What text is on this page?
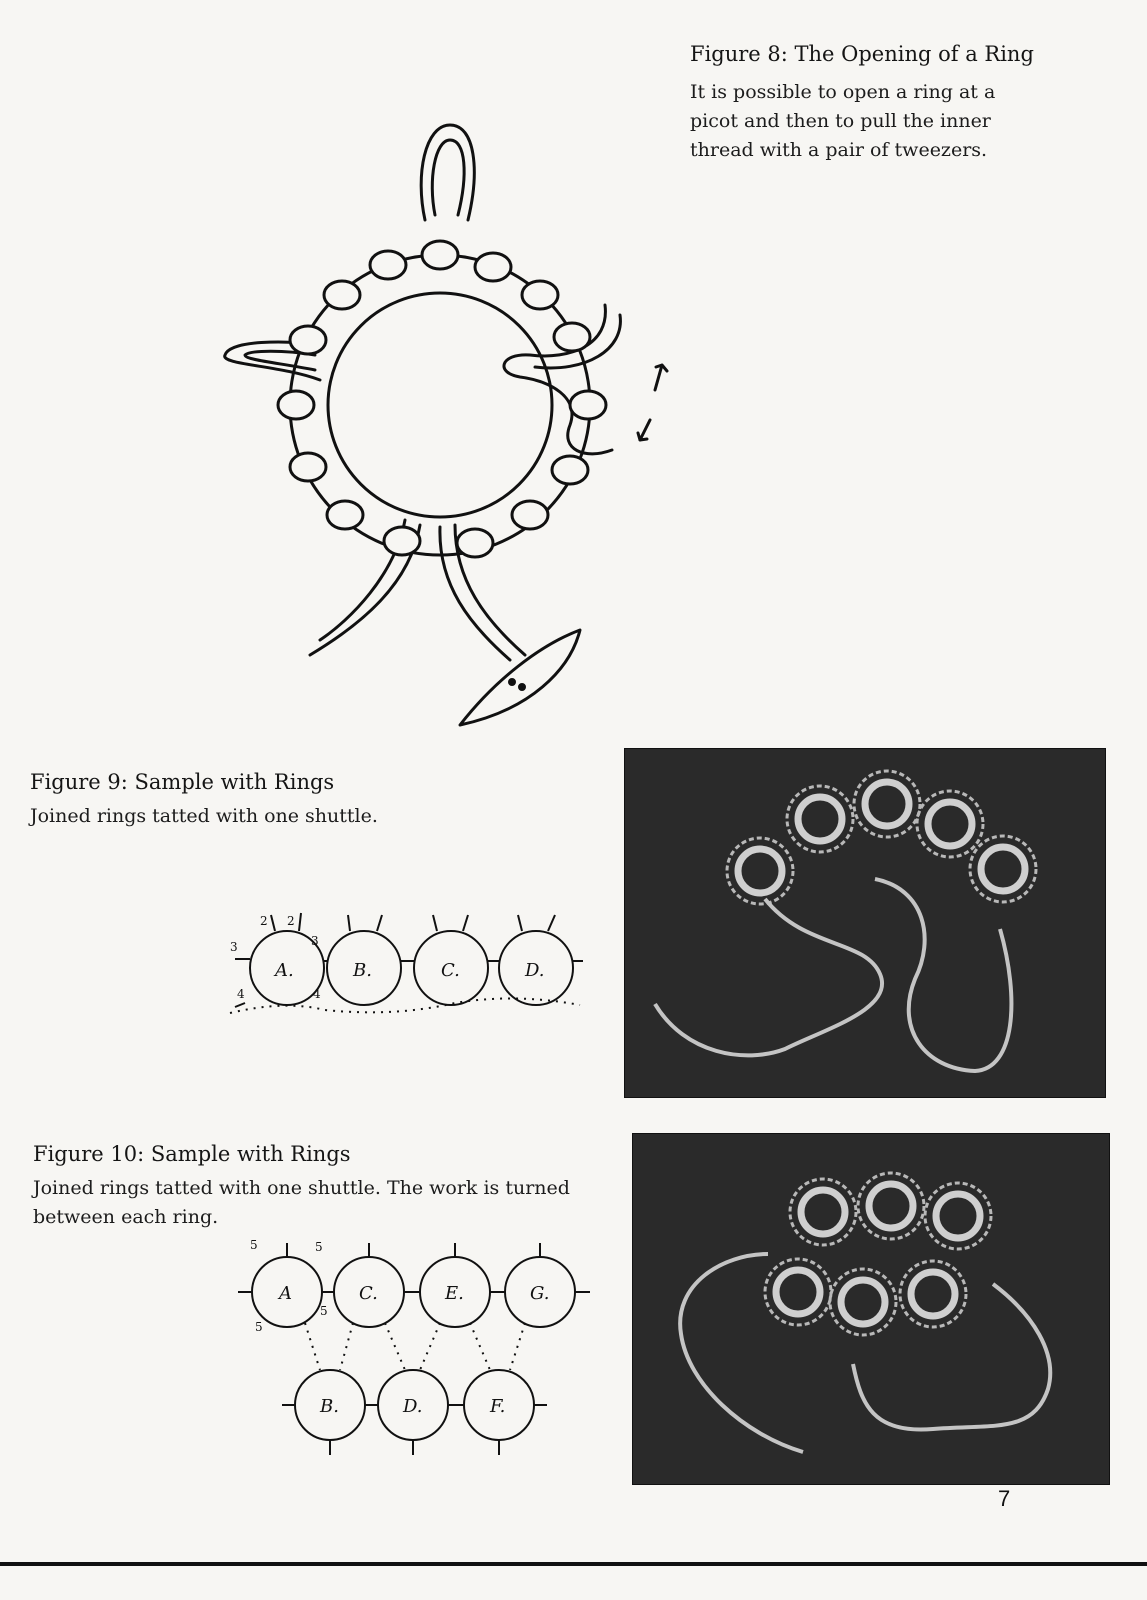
Figure 8: The Opening of a Ring
It is possible to open a ring at a
picot and then to pull the inner
thread with a pair of tweezers.
Figure 9: Sample with Rings
Joined rings tatted with one shuttle.
A.	B.	C.	D.
2 2
3	3
4	4
Figure 10: Sample with Rings
Joined rings tatted with one shuttle. The work is turned
between each ring.
A	C.	E.	G.
B.	D.	F.
5	5
5
5
7
